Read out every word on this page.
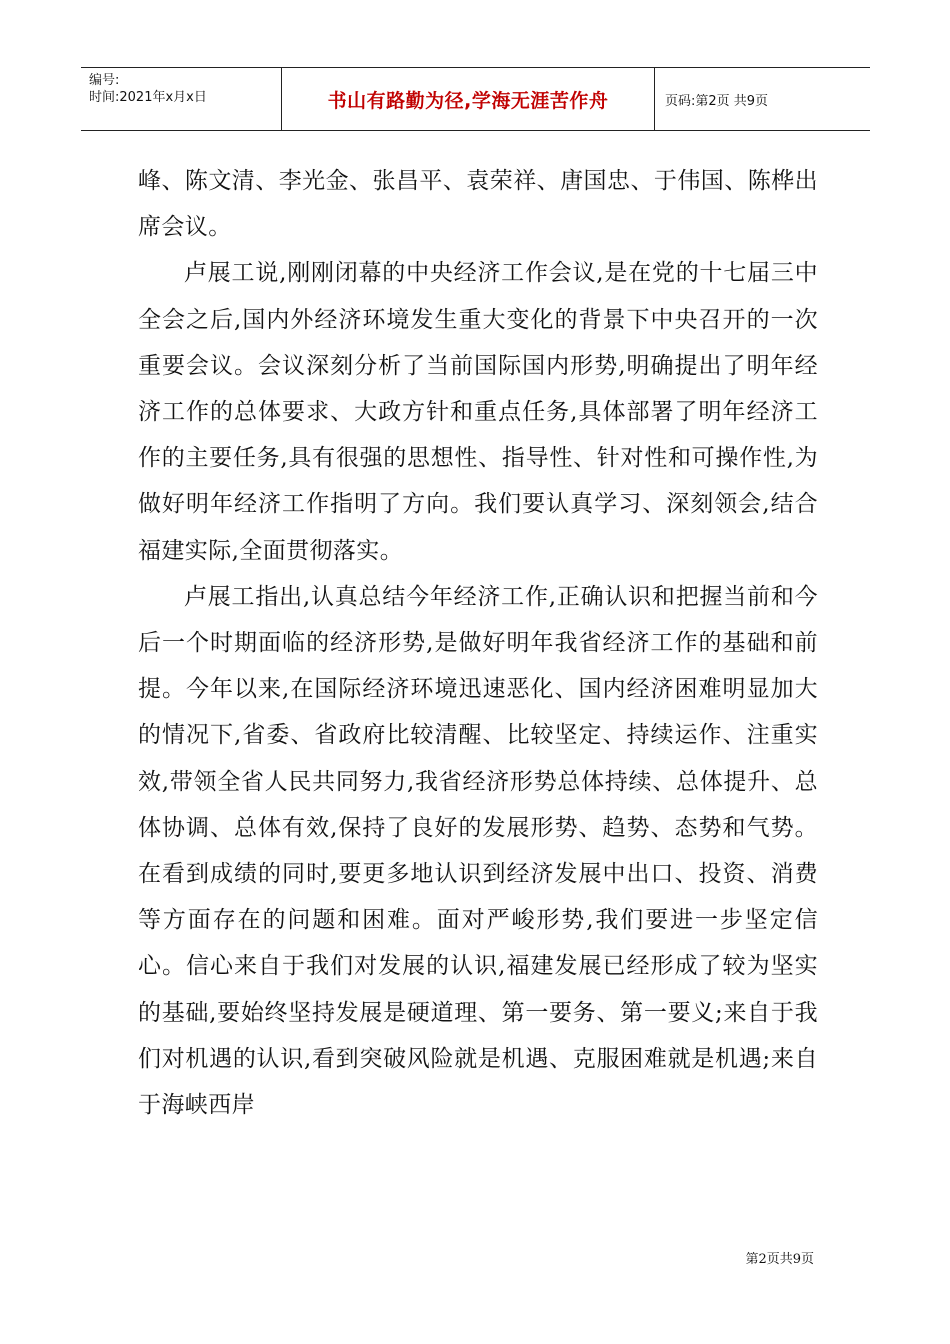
编号:
时间:2021年x月x日	书山有路勤为径,学海无涯苦作舟	页码:第2页 共9页

峰、陈文清、李光金、张昌平、袁荣祥、唐国忠、于伟国、陈桦出席会议。

卢展工说,刚刚闭幕的中央经济工作会议,是在党的十七届三中全会之后,国内外经济环境发生重大变化的背景下中央召开的一次重要会议。会议深刻分析了当前国际国内形势,明确提出了明年经济工作的总体要求、大政方针和重点任务,具体部署了明年经济工作的主要任务,具有很强的思想性、指导性、针对性和可操作性,为做好明年经济工作指明了方向。我们要认真学习、深刻领会,结合福建实际,全面贯彻落实。

卢展工指出,认真总结今年经济工作,正确认识和把握当前和今后一个时期面临的经济形势,是做好明年我省经济工作的基础和前提。今年以来,在国际经济环境迅速恶化、国内经济困难明显加大的情况下,省委、省政府比较清醒、比较坚定、持续运作、注重实效,带领全省人民共同努力,我省经济形势总体持续、总体提升、总体协调、总体有效,保持了良好的发展形势、趋势、态势和气势。在看到成绩的同时,要更多地认识到经济发展中出口、投资、消费等方面存在的问题和困难。面对严峻形势,我们要进一步坚定信心。信心来自于我们对发展的认识,福建发展已经形成了较为坚实的基础,要始终坚持发展是硬道理、第一要务、第一要义;来自于我们对机遇的认识,看到突破风险就是机遇、克服困难就是机遇;来自于海峡西岸

第2页共9页
